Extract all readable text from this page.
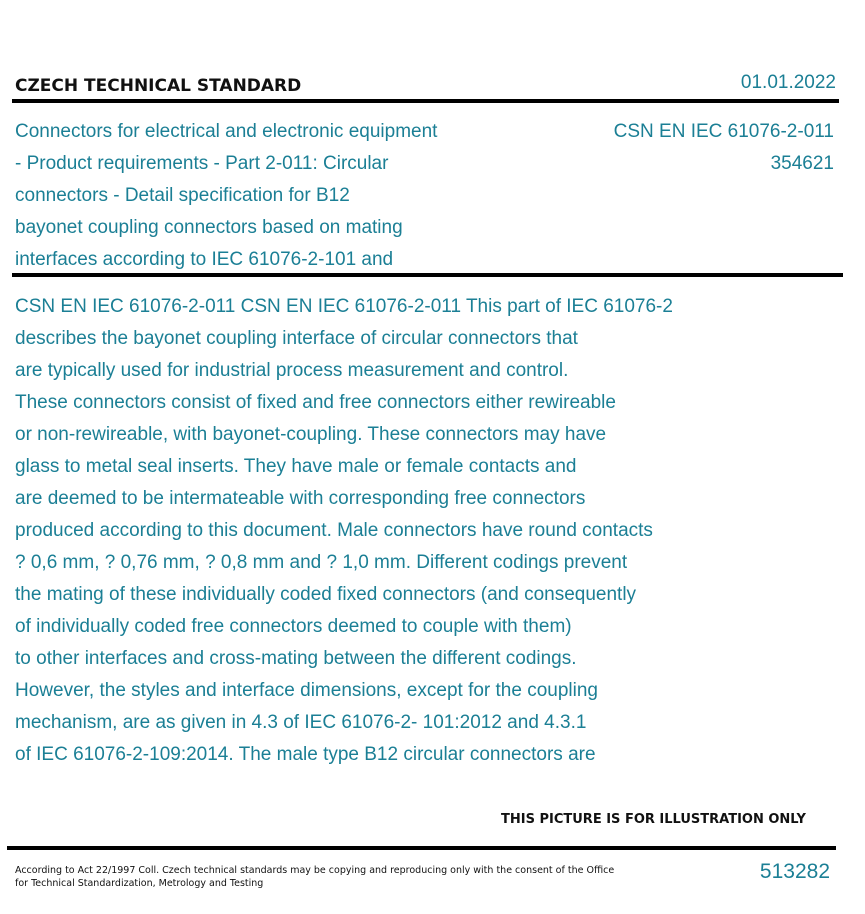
CZECH TECHNICAL STANDARD	01.01.2022
Connectors for electrical and electronic equipment
- Product requirements - Part 2-011: Circular
connectors - Detail specification for B12
bayonet coupling connectors based on mating
interfaces according to IEC 61076-2-101 and
CSN EN IEC 61076-2-011
354621
CSN EN IEC 61076-2-011 CSN EN IEC 61076-2-011 This part of IEC 61076-2
describes the bayonet coupling interface of circular connectors that
are typically used for industrial process measurement and control.
These connectors consist of fixed and free connectors either rewireable
or non-rewireable, with bayonet-coupling. These connectors may have
glass to metal seal inserts. They have male or female contacts and
are deemed to be intermateable with corresponding free connectors
produced according to this document. Male connectors have round contacts
? 0,6 mm, ? 0,76 mm, ? 0,8 mm and ? 1,0 mm. Different codings prevent
the mating of these individually coded fixed connectors (and consequently
of individually coded free connectors deemed to couple with them)
to other interfaces and cross-mating between the different codings.
However, the styles and interface dimensions, except for the coupling
mechanism, are as given in 4.3 of IEC 61076-2- 101:2012 and 4.3.1
of IEC 61076-2-109:2014. The male type B12 circular connectors are
THIS PICTURE IS FOR ILLUSTRATION ONLY
According to Act 22/1997 Coll. Czech technical standards may be copying and reproducing only with the consent of the Office
for Technical Standardization, Metrology and Testing
513282
